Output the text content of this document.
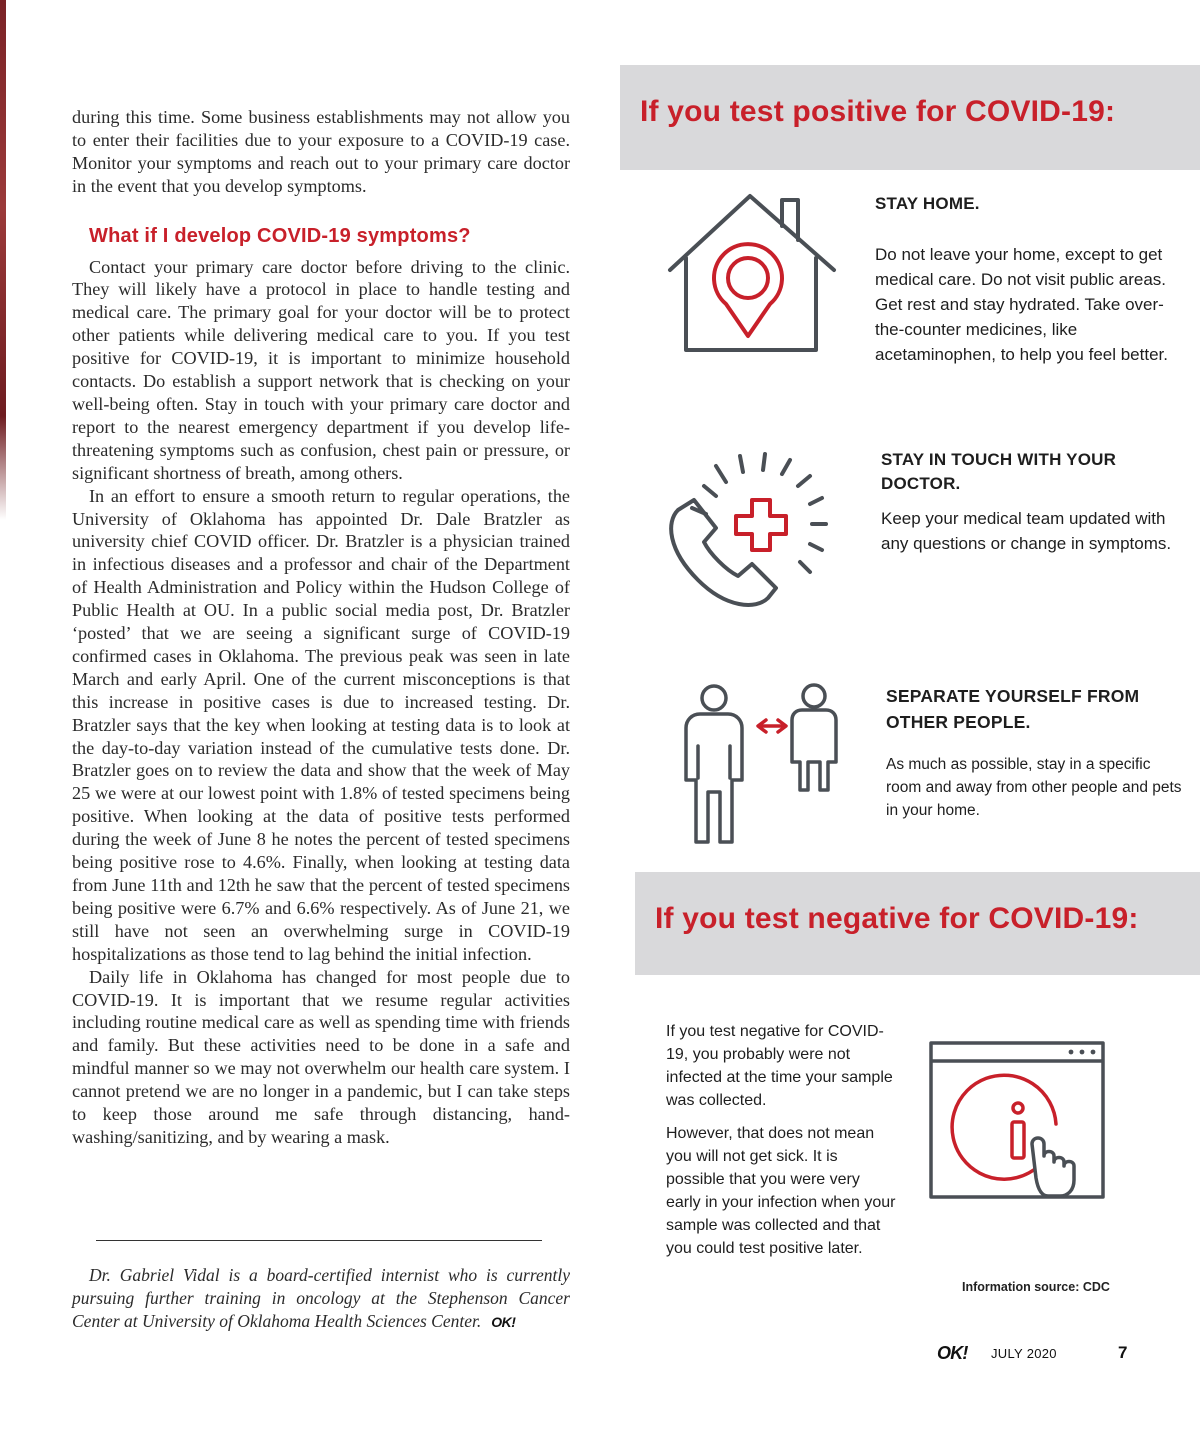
during this time. Some business establishments may not allow you to enter their facilities due to your exposure to a COVID-19 case. Monitor your symptoms and reach out to your primary care doctor in the event that you develop symptoms.

What if I develop COVID-19 symptoms?

Contact your primary care doctor before driving to the clinic. They will likely have a protocol in place to handle testing and medical care. The primary goal for your doctor will be to protect other patients while delivering medical care to you. If you test positive for COVID-19, it is important to minimize household contacts. Do establish a support network that is checking on your well-being often. Stay in touch with your primary care doctor and report to the nearest emergency department if you develop life-threatening symptoms such as confusion, chest pain or pressure, or significant shortness of breath, among others.

In an effort to ensure a smooth return to regular operations, the University of Oklahoma has appointed Dr. Dale Bratzler as university chief COVID officer. Dr. Bratzler is a physician trained in infectious diseases and a professor and chair of the Department of Health Administration and Policy within the Hudson College of Public Health at OU. In a public social media post, Dr. Bratzler ‘posted’ that we are seeing a significant surge of COVID-19 confirmed cases in Oklahoma. The previous peak was seen in late March and early April. One of the current misconceptions is that this increase in positive cases is due to increased testing. Dr. Bratzler says that the key when looking at testing data is to look at the day-to-day variation instead of the cumulative tests done. Dr. Bratzler goes on to review the data and show that the week of May 25 we were at our lowest point with 1.8% of tested specimens being positive. When looking at the data of positive tests performed during the week of June 8 he notes the percent of tested specimens being positive rose to 4.6%. Finally, when looking at testing data from June 11th and 12th he saw that the percent of tested specimens being positive were 6.7% and 6.6% respectively. As of June 21, we still have not seen an overwhelming surge in COVID-19 hospitalizations as those tend to lag behind the initial infection.

Daily life in Oklahoma has changed for most people due to COVID-19. It is important that we resume regular activities including routine medical care as well as spending time with friends and family. But these activities need to be done in a safe and mindful manner so we may not overwhelm our health care system. I cannot pretend we are no longer in a pandemic, but I can take steps to keep those around me safe through distancing, hand-washing/sanitizing, and by wearing a mask.

Dr. Gabriel Vidal is a board-certified internist who is currently pursuing further training in oncology at the Stephenson Cancer Center at University of Oklahoma Health Sciences Center. OK!
If you test positive for COVID-19:
STAY HOME.
Do not leave your home, except to get medical care. Do not visit public areas. Get rest and stay hydrated. Take over-the-counter medicines, like acetaminophen, to help you feel better.
STAY IN TOUCH WITH YOUR DOCTOR.
Keep your medical team updated with any questions or change in symptoms.
SEPARATE YOURSELF FROM OTHER PEOPLE.
As much as possible, stay in a specific room and away from other people and pets in your home.
If you test negative for COVID-19:

If you test negative for COVID-19, you probably were not infected at the time your sample was collected.

However, that does not mean you will not get sick. It is possible that you were very early in your infection when your sample was collected and that you could test positive later.

Information source: CDC
OK! JULY 2020	7
